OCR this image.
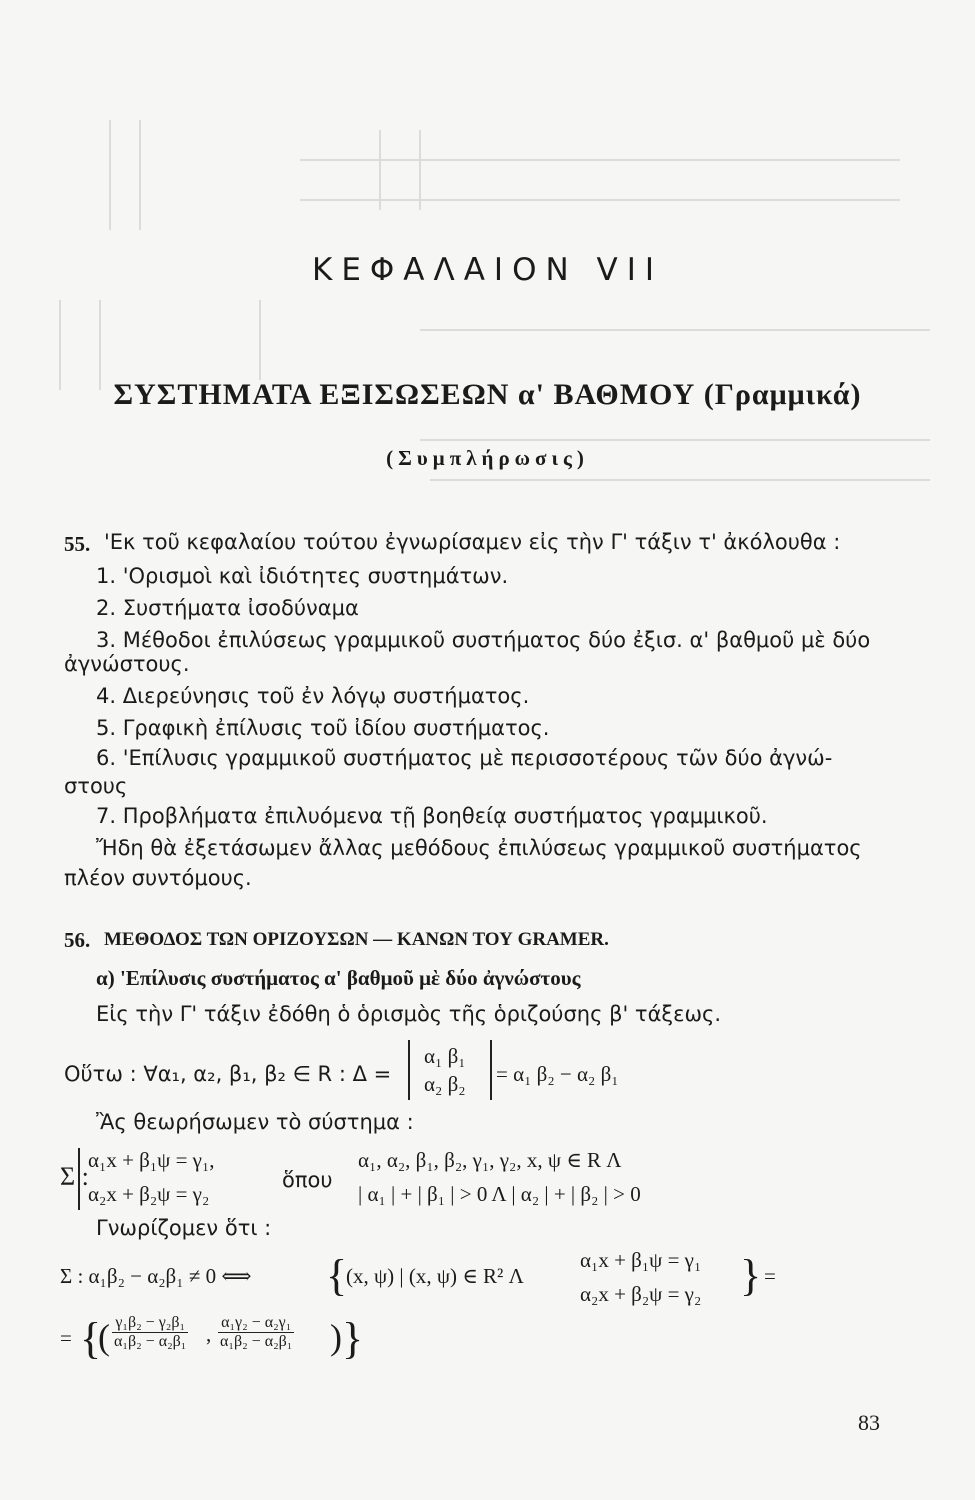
ΚΕΦΑΛΑΙΟΝ VII
ΣΥΣΤΗΜΑΤΑ ΕΞΙΣΩΣΕΩΝ α' ΒΑΘΜΟΥ (Γραμμικά)
(Συμπλήρωσις)
55. 'Εκ τοῦ κεφαλαίου τούτου ἐγνωρίσαμεν εἰς τὴν Γ' τάξιν τ' ἀκόλουθα :
1. 'Ορισμοὶ καὶ ἰδιότητες συστημάτων.
2. Συστήματα ἰσοδύναμα
3. Μέθοδοι ἐπιλύσεως γραμμικοῦ συστήματος δύο ἐξισ. α' βαθμοῦ μὲ δύο
ἀγνώστους.
4. Διερεύνησις τοῦ ἐν λόγῳ συστήματος.
5. Γραφικὴ ἐπίλυσις τοῦ ἰδίου συστήματος.
6. 'Επίλυσις γραμμικοῦ συστήματος μὲ περισσοτέρους τῶν δύο ἀγνώ-
στους
7. Προβλήματα ἐπιλυόμενα τῇ βοηθείᾳ συστήματος γραμμικοῦ.
Ἤδη θὰ ἐξετάσωμεν ἄλλας μεθόδους ἐπιλύσεως γραμμικοῦ συστήματος
πλέον συντόμους.
56. ΜΕΘΟΔΟΣ ΤΩΝ ΟΡΙΖΟΥΣΩΝ — ΚΑΝΩΝ ΤΟΥ GRAMER.
α) 'Επίλυσις συστήματος α' βαθμοῦ μὲ δύο ἀγνώστους
Εἰς τὴν Γ' τάξιν ἐδόθη ὁ ὁρισμὸς τῆς ὁριζούσης β' τάξεως.
Οὕτω : ∀α₁, α₂, β₁, β₂ ∈ R : Δ =
α₁ β₁
α₂ β₂ = α₁ β₂ − α₂ β₁
Ἂς θεωρήσωμεν τὸ σύστημα :
Σ :
α₁x + β₁ψ = γ₁,
α₂x + β₂ψ = γ₂
ὅπου
α₁, α₂, β₁, β₂, γ₁, γ₂, x, ψ ∈ R Λ
| α₁ | + | β₁ | > 0 Λ | α₂ | + | β₂ | > 0
Γνωρίζομεν ὅτι :
Σ : α₁β₂ − α₂β₁ ≠ 0 ⟺ {
(x, ψ) | (x, ψ) ∈ R² Λ
α₁x + β₁ψ = γ₁
α₂x + β₂ψ = γ₂ } =
= {
( $\frac{\text{γ₁β₂ − γ₂β₁}}{\text{α₁β₂ − α₂β₁}}$ , $\frac{\text{α₁γ₂ − α₂γ₁}}{\text{α₁β₂ − α₂β₁}}$ ) }
83
